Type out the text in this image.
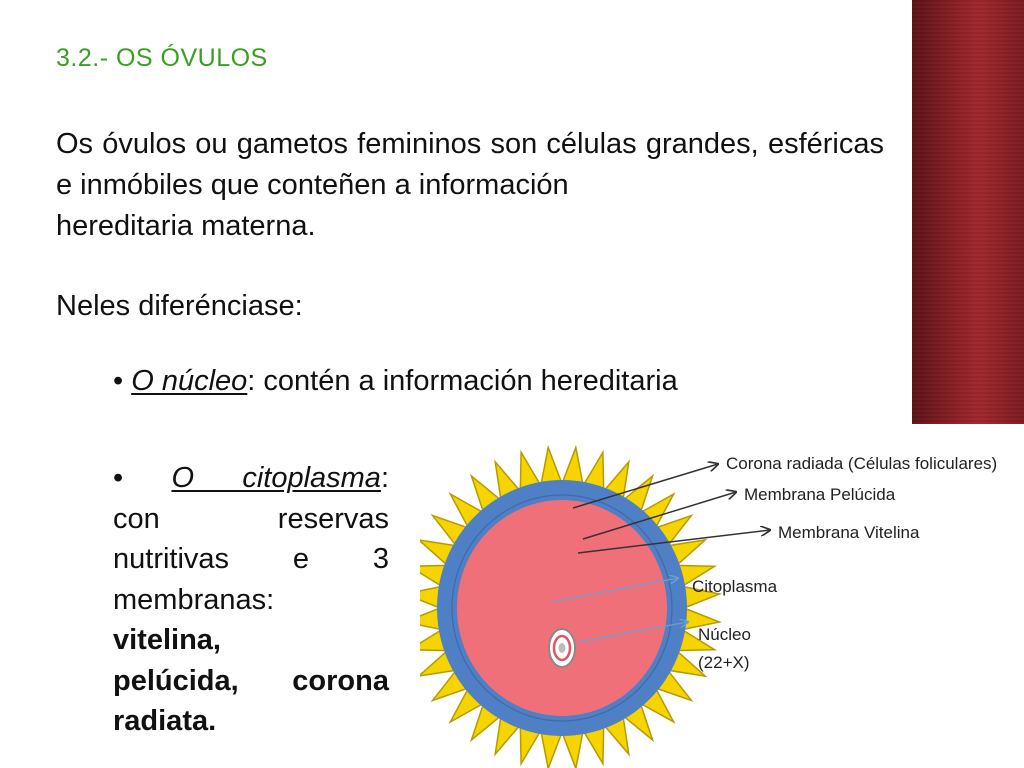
3.2.- OS ÓVULOS

Os óvulos ou gametos femininos son células grandes, esféricas e inmóbiles que conteñen a información
hereditaria materna.

Neles diferénciase:

• O núcleo: contén a información hereditaria

• O citoplasma:
con reservas
nutritivas e 3
membranas:
vitelina,
pelúcida, corona
radiata.
Corona radiada (Células foliculares)
Membrana Pelúcida
Membrana Vitelina
Citoplasma
Núcleo
(22+X)
